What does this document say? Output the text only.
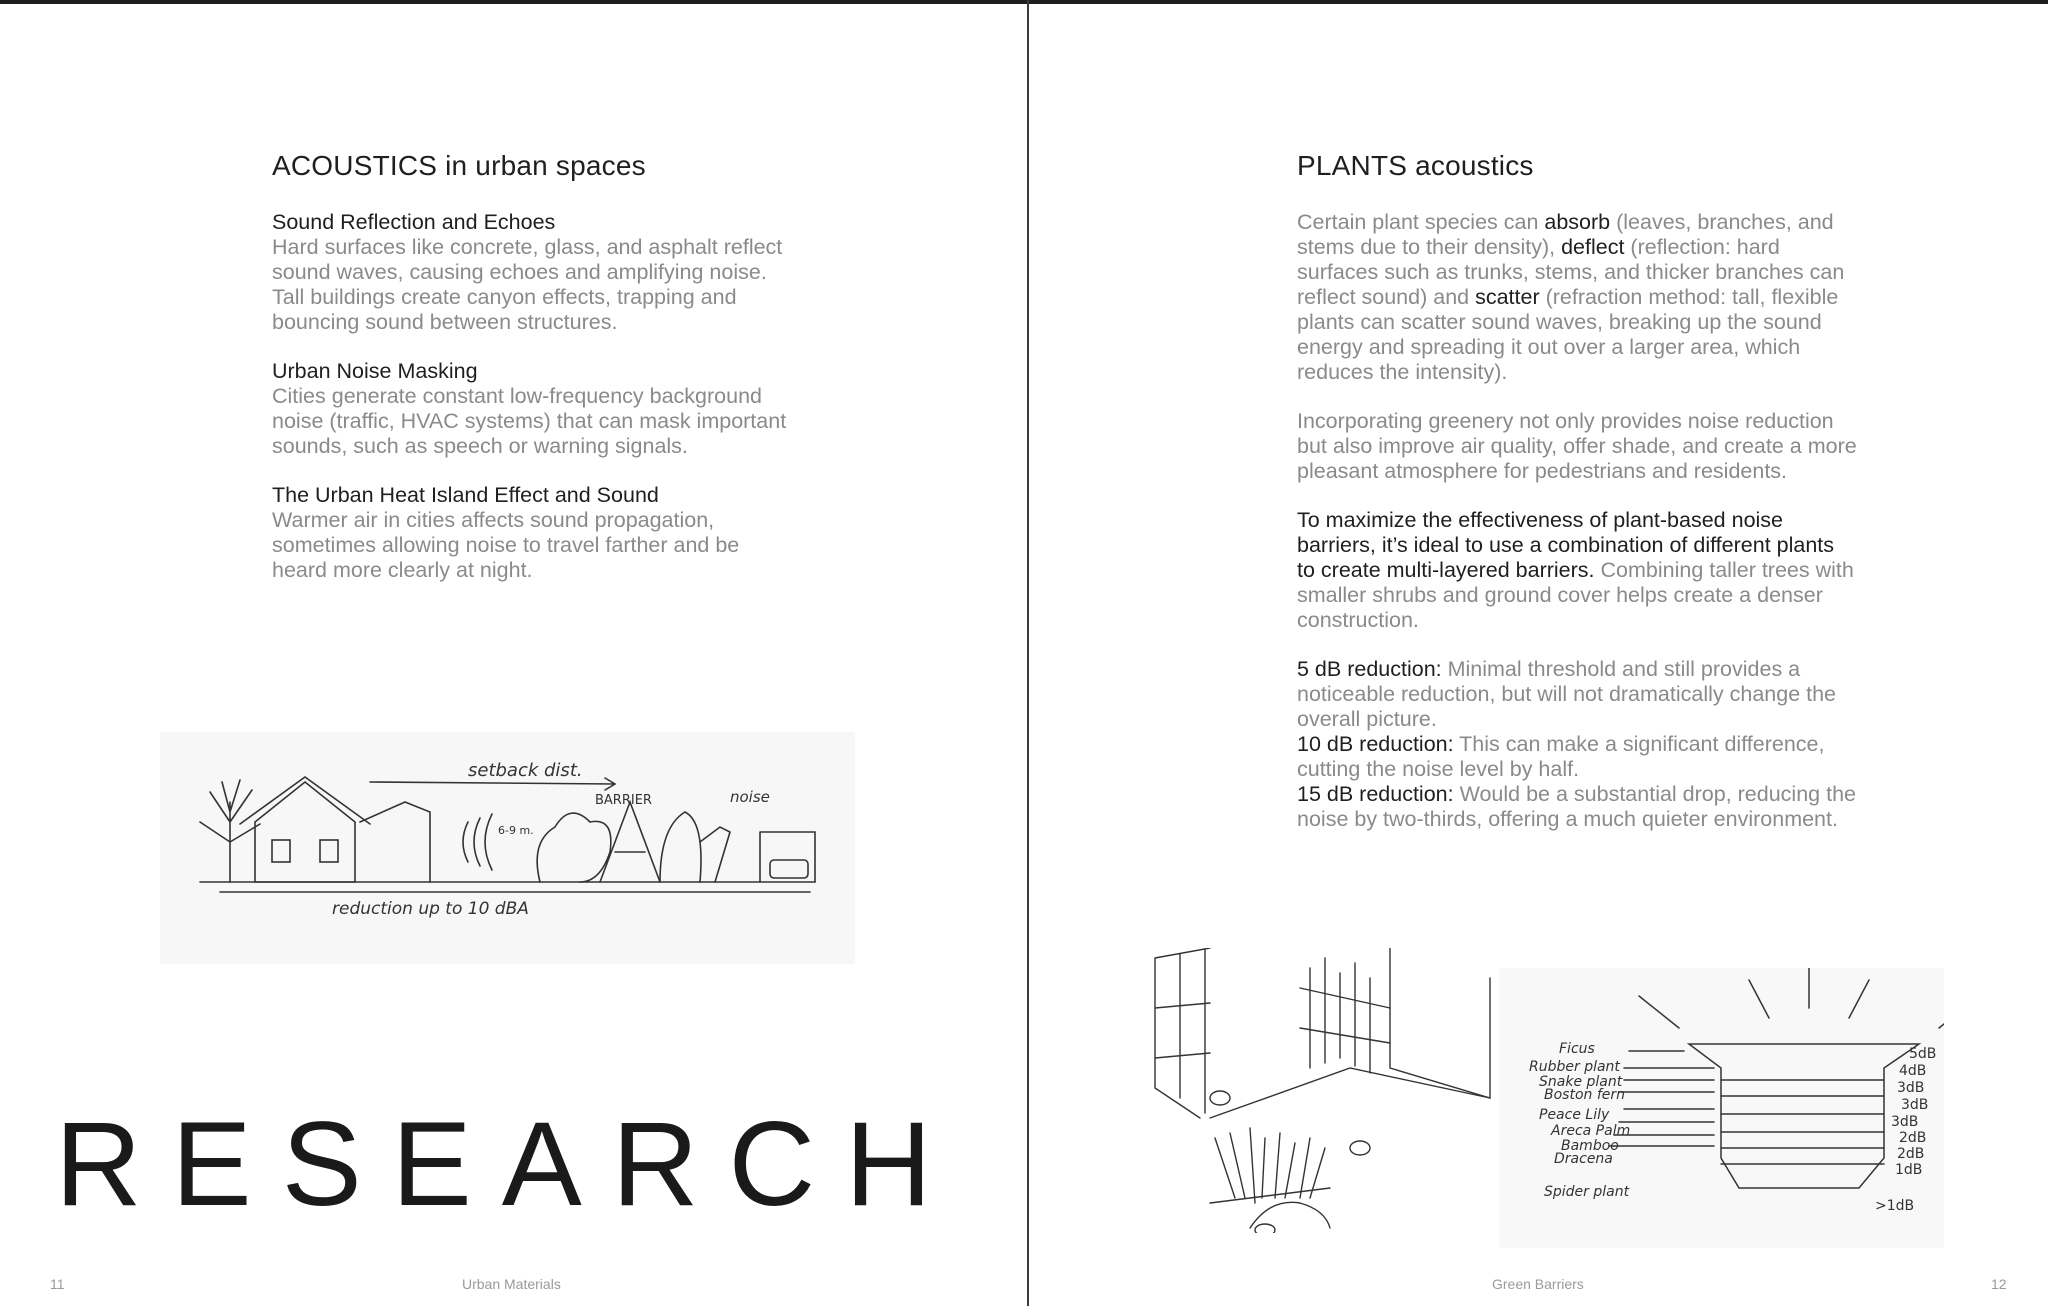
ACOUSTICS in urban spaces
Sound Reflection and Echoes

Hard surfaces like concrete, glass, and asphalt reflect sound waves, causing echoes and amplifying noise.

Tall buildings create canyon effects, trapping and bouncing sound between structures.

Urban Noise Masking

Cities generate constant low-frequency background noise (traffic, HVAC systems) that can mask important sounds, such as speech or warning signals.

The Urban Heat Island Effect and Sound

Warmer air in cities affects sound propagation, sometimes allowing noise to travel farther and be heard more clearly at night.

setback dist.
BARRIER	noise
6-9 m.
reduction up to 10 dBA
RESEARCH
11	Urban Materials
PLANTS acoustics

Certain plant species can absorb (leaves, branches, and stems due to their density), deflect (reflection: hard surfaces such as trunks, stems, and thicker branches can reflect sound) and scatter (refraction method: tall, flexible plants can scatter sound waves, breaking up the sound energy and spreading it out over a larger area, which reduces the intensity).

Incorporating greenery not only provides noise reduction but also improve air quality, offer shade, and create a more pleasant atmosphere for pedestrians and residents.

To maximize the effectiveness of plant-based noise barriers, it’s ideal to use a combination of different plants to create multi-layered barriers. Combining taller trees with smaller shrubs and ground cover helps create a denser construction.

5 dB reduction: Minimal threshold and still provides a noticeable reduction, but will not dramatically change the overall picture.

10 dB reduction: This can make a significant difference, cutting the noise level by half.

15 dB reduction: Would be a substantial drop, reducing the noise by two-thirds, offering a much quieter environment.

Ficus
Rubber plant
Snake plant
Boston fern
Peace Lily
Areca Palm
Bamboo
Dracena
Spider plant
5dB
4dB
3dB
3dB
3dB
2dB
2dB
1dB
>1dB
Green Barriers	12
